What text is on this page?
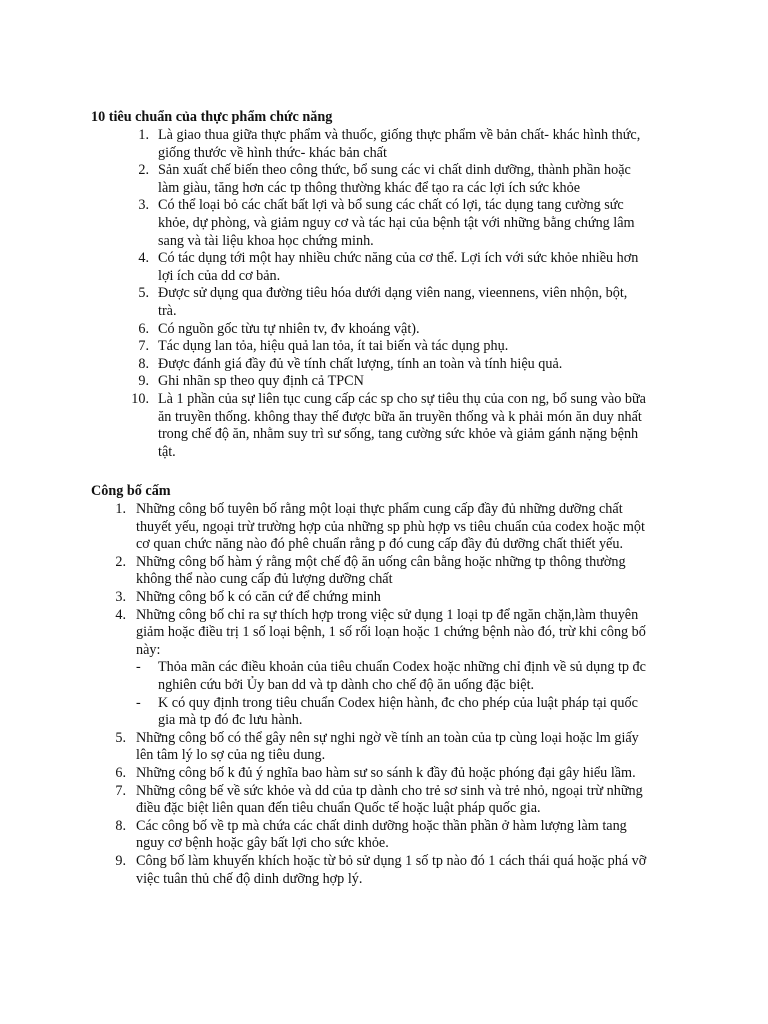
10 tiêu chuẩn của thực phẩm chức năng
1. Là giao thua giữa thực phẩm và thuốc, giống thực phẩm về bản chất- khác hình thức,
giống thước về hình thức- khác bản chất
2. Sản xuất chế biến theo công thức, bổ sung các vi chất dinh dưỡng, thành phần hoặc
làm giàu, tăng hơn các tp thông thường khác để tạo ra các lợi ích sức khỏe
3. Có thể loại bỏ các chất bất lợi và bổ sung các chất có lợi, tác dụng tang cường sức
khỏe, dự phòng, và giảm nguy cơ và tác hại của bệnh tật với những bằng chứng lâm
sang và tài liệu khoa học chứng minh.
4. Có tác dụng tới một hay nhiều chức năng của cơ thể. Lợi ích với sức khỏe nhiều hơn
lợi ích của dd cơ bản.
5. Được sử dụng qua đường tiêu hóa dưới dạng viên nang, vieennens, viên nhộn, bột,
trà.
6. Có nguồn gốc từu tự nhiên tv, đv khoáng vật).
7. Tác dụng lan tỏa, hiệu quả lan tỏa, ít tai biến và tác dụng phụ.
8. Được đánh giá đầy đủ về tính chất lượng, tính an toàn và tính hiệu quả.
9. Ghi nhãn sp theo quy định cả TPCN
10. Là 1 phần của sự liên tục cung cấp các sp cho sự tiêu thụ của con ng, bổ sung vào bữa
ăn truyền thống. không thay thế được bữa ăn truyền thống và k phải món ăn duy nhất
trong chế độ ăn, nhằm suy trì sư sống, tang cường sức khỏe và giảm gánh nặng bệnh
tật.
Công bố cấm
1. Những công bố tuyên bố rằng một loại thực phẩm cung cấp đầy đủ những dưỡng chất
thuyết yếu, ngoại trừ trường hợp của những sp phù hợp vs tiêu chuẩn của codex hoặc một
cơ quan chức năng nào đó phê chuẩn rằng p đó cung cấp đầy đủ dưỡng chất thiết yếu.
2. Những công bố hàm ý rằng một chế độ ăn uống cân bằng hoặc những tp thông thường
không thể nào cung cấp đủ lượng dưỡng chất
3. Những công bố k có căn cứ để chứng minh
4. Những công bố chỉ ra sự thích hợp trong việc sử dụng 1 loại tp để ngăn chặn,làm thuyên
giảm hoặc điều trị 1 số loại bệnh, 1 số rối loạn hoặc 1 chứng bệnh nào đó, trừ khi công bố
này:
- Thỏa mãn các điều khoản của tiêu chuẩn Codex hoặc những chỉ định về sủ dụng tp đc
nghiên cứu bởi Ủy ban dd và tp dành cho chế độ ăn uống đặc biệt.
- K có quy định trong tiêu chuẩn Codex hiện hành, đc cho phép của luật pháp tại quốc
gia mà tp đó đc lưu hành.
5. Những công bố có thể gây nên sự nghi ngờ về tính an toàn của tp cùng loại hoặc lm giấy
lên tâm lý lo sợ của ng tiêu dung.
6. Những công bố k đủ ý nghĩa bao hàm sư so sánh k đầy đủ hoặc phóng đại gây hiểu lầm.
7. Những công bế về sức khỏe và dd của tp dành cho trẻ sơ sinh và trẻ nhỏ, ngoại trừ những
điều đặc biệt liên quan đến tiêu chuẩn Quốc tế hoặc luật pháp quốc gia.
8. Các công bố về tp mà chứa các chất dinh dưỡng hoặc thần phần ở hàm lượng làm tang
nguy cơ bệnh hoặc gây bất lợi cho sức khỏe.
9. Công bố làm khuyến khích hoặc từ bỏ sử dụng 1 số tp nào đó 1 cách thái quá hoặc phá vỡ
việc tuân thủ chế độ dinh dưỡng hợp lý.
